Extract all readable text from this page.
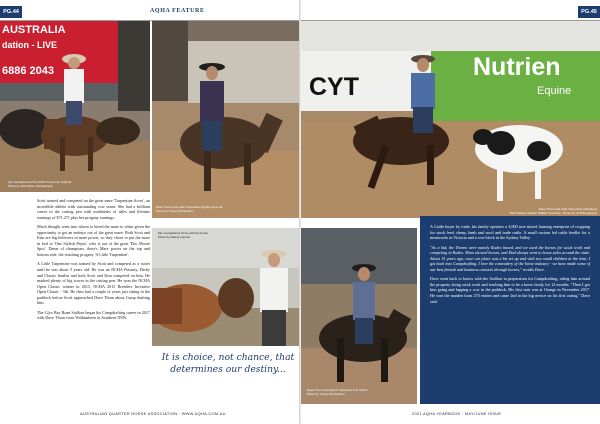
PG.44	AQHA FEATURE	PG.45
AUSTRALIA
dation - LIVE
6886 2043
Kim Campbell and the 2016 Turpentine (AQHA)
Photo by Wild Wave Photography
Dave Thorn and Little Turpentine (AQHA) at an all
Photo by Tracey Richardson
CYT
Nutrien
Equine
Dave Thorn and Little Turpentine (AQHA) at
2021 Nutrien Classic Stallion Incentive - Photo by Jo Photography

Scott trained and competed on the great mare 'Turpentine Acres', an incredible athlete with outstanding cow sense. She had a brilliant career in the cutting pen with multitudes of titles and lifetime earnings of $71,271 plus her progeny earnings.

Much thought went into whom to breed the mare to when given the opportunity to get an embryo out of the great mare. Both Scott and Kim are big believers in mare power, so they chose to put the mare in foal to 'One Stylish Pepto', who is out of the great 'Doc Moore Spot'. Dame of champions, there's Mare power on the top and bottom side, the resulting progeny 'A Little Turpentine'.

A Little Turpentine was trained by Scott and competed as a cutter until he was about 5 years old. He was an NCHA Futurity, Derby and Classic finalist and both Scott and Kim competed on him. He marked plenty of big scores in the cutting pen. He won the NCHA Open Classic winner in 2015, NCHA 2015 Breeders Incentive Open Classic - 5th. He then had a couple of years just sitting in the paddock before Scott approached Dave Thorn about Camp drafting him.

The 12yo Bay Roan Stallion began his Campdrafting career in 2017 with Dave Thorn from Wallumbeen in Southern NSW.

Kim Campbell at home with her horse
Photo by Danny Lennon
It is choice, not chance, that determines our destiny...
Dave Thorn and AQHA Turpentine 0 at ACHA
Photo by Tracey Richardson

A Cattle buyer by trade, his family operates a 3,000 acre mixed farming enterprise of cropping for stock feed, sheep, lamb and wool and trade cattle. A small custom fed cattle feedlot for a meatworks in Victoria and a cow block in the Sydney Valley.

"As a kid, the Thorns were mainly Rodeo based, and we used the horses for stock work and competing in Rodeo. Mum showed horses, and Dad always went to horse sales around the state. About 15 years ago, once our place was a bit set up and with two small children at the time, I got back into Campdrafting. I love the comradery of the horse industry - we have made some of our best friends and business contacts through horses," recalls Dave.

Dave went back to basics with the Stallion in preparation for Campdrafting, riding him around the property doing stock work and teaching him to be a horse firstly for 12 months. "Then I got him going and lapping a cow in the paddock. His first start was at Orange in November 2017. He won the maiden from 270 entries and came 2nd in the big novice on his first outing," Dave said.

AUSTRALIAN QUARTER HORSE ASSOCIATION · WWW.AQHA.COM.AU	2021 AQHA YEARBOOK · MAY/JUNE ISSUE
